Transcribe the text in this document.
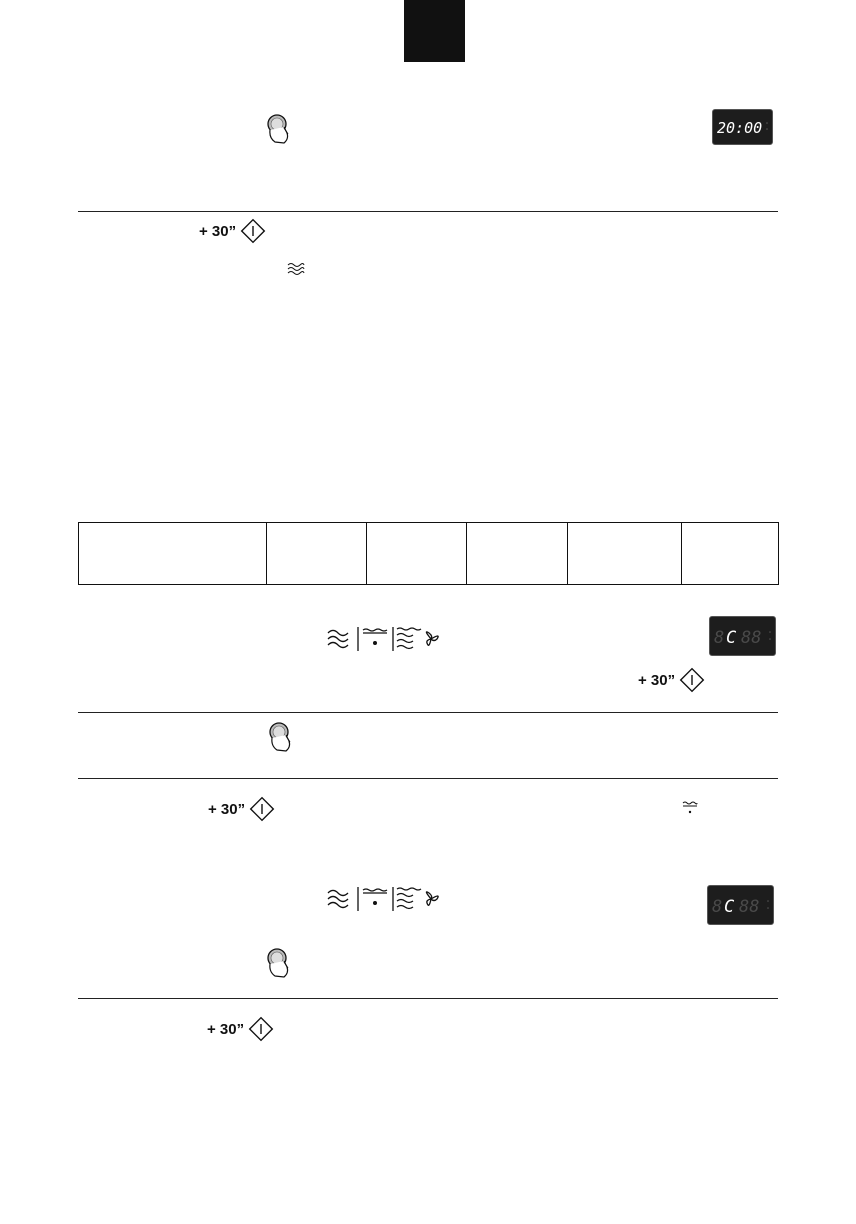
20:00
+ 30”

8 C 88
+ 30”
+ 30”
8 C 88
+ 30”
